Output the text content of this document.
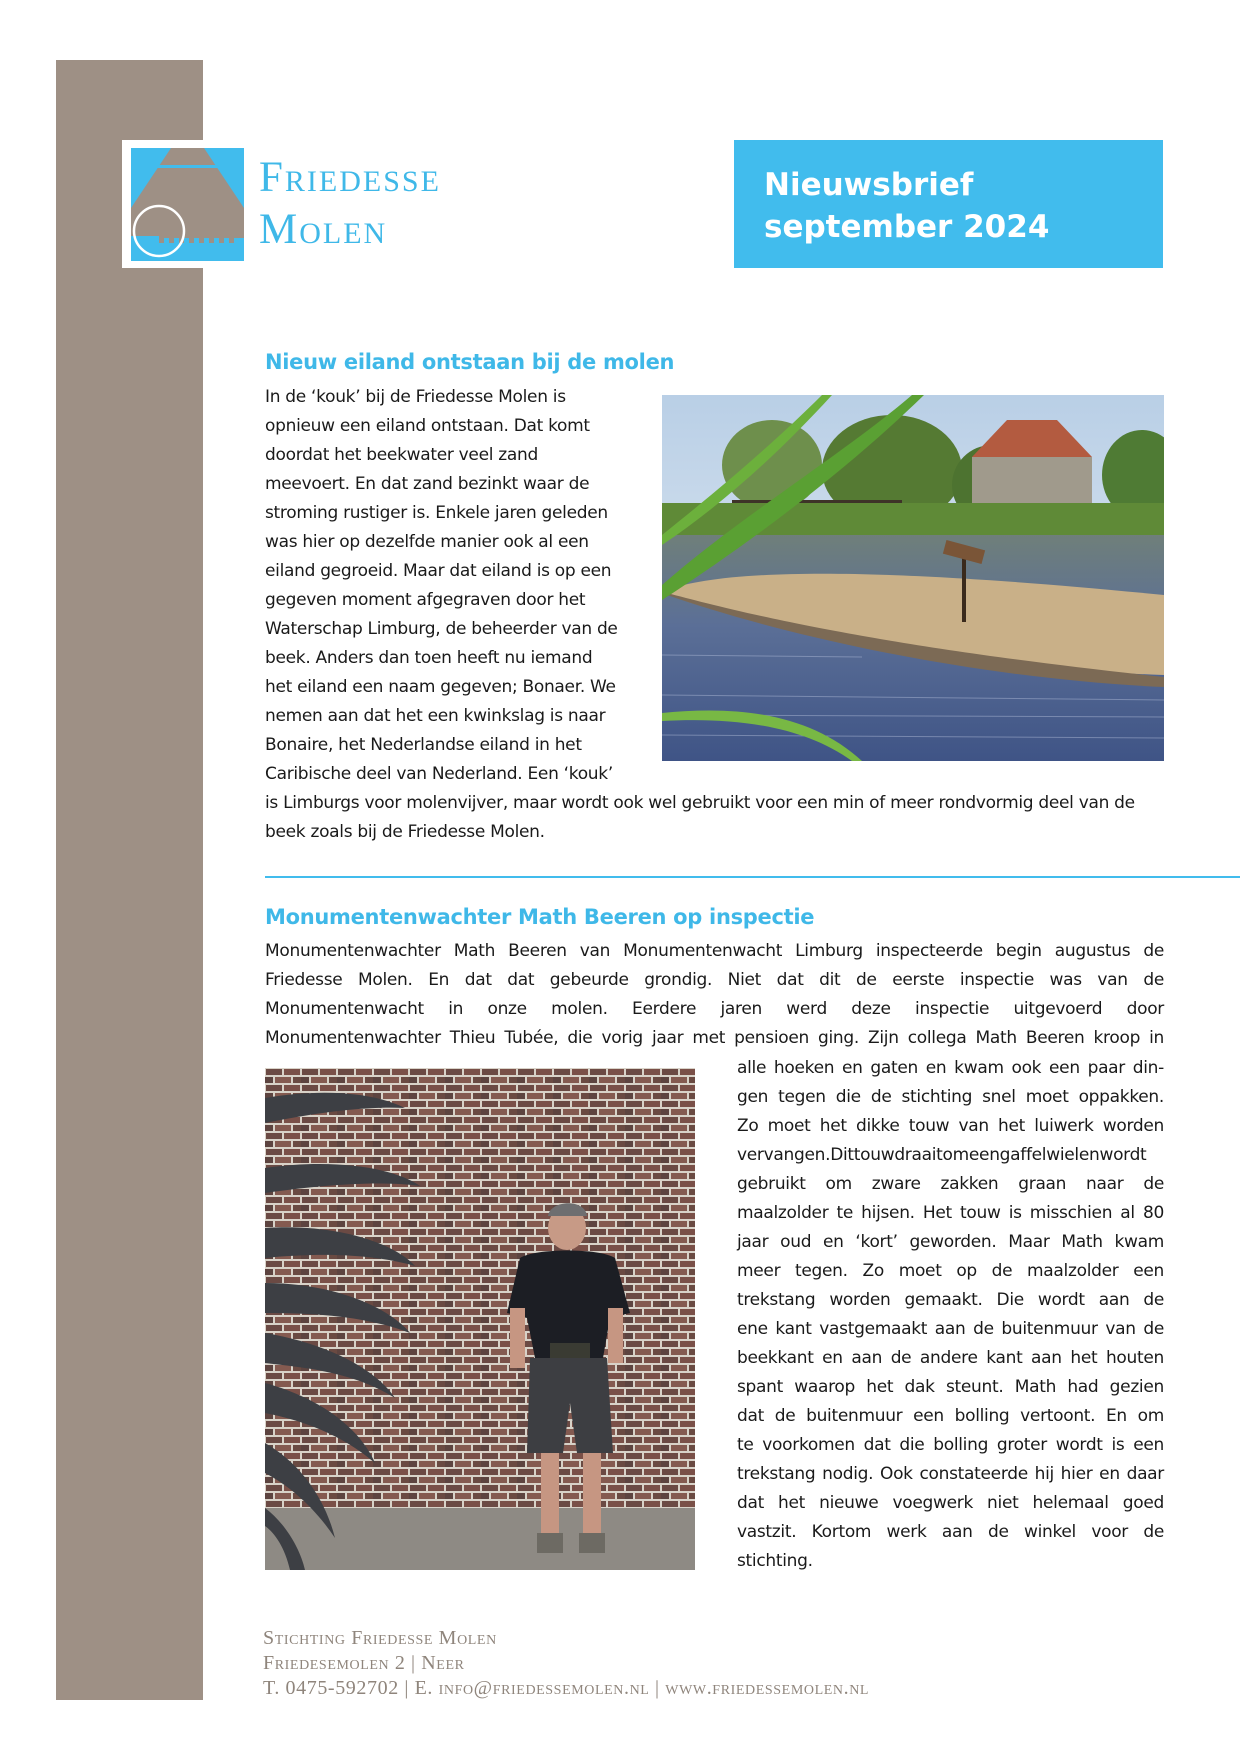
Friedesse
Molen
Nieuwsbrief
september 2024
Nieuw eiland ontstaan bij de molen
In de ‘kouk’ bij de Friedesse Molen is
opnieuw een eiland ontstaan. Dat komt
doordat het beekwater veel zand
meevoert. En dat zand bezinkt waar de
stroming rustiger is. Enkele jaren geleden
was hier op dezelfde manier ook al een
eiland gegroeid. Maar dat eiland is op een
gegeven moment afgegraven door het
Waterschap Limburg, de beheerder van de
beek. Anders dan toen heeft nu iemand
het eiland een naam gegeven; Bonaer. We
nemen aan dat het een kwinkslag is naar
Bonaire, het Nederlandse eiland in het
Caribische deel van Nederland. Een ‘kouk’
is Limburgs voor molenvijver, maar wordt ook wel gebruikt voor een min of meer rondvormig deel van de
beek zoals bij de Friedesse Molen.
Monumentenwachter Math Beeren op inspectie
Monumentenwachter Math Beeren van Monumentenwacht Limburg inspecteerde begin augustus de
Friedesse Molen. En dat dat gebeurde grondig. Niet dat dit de eerste inspectie was van de
Monumentenwacht in onze molen. Eerdere jaren werd deze inspectie uitgevoerd door
Monumentenwachter Thieu Tubée, die vorig jaar met pensioen ging. Zijn collega Math Beeren kroop in
alle hoeken en gaten en kwam ook een paar din-
gen tegen die de stichting snel moet oppakken.
Zo moet het dikke touw van het luiwerk worden
vervangen.Dittouwdraaitomeengaffelwielenwordt
gebruikt om zware zakken graan naar de
maalzolder te hijsen. Het touw is misschien al 80
jaar oud en ‘kort’ geworden. Maar Math kwam
meer tegen. Zo moet op de maalzolder een
trekstang worden gemaakt. Die wordt aan de
ene kant vastgemaakt aan de buitenmuur van de
beekkant en aan de andere kant aan het houten
spant waarop het dak steunt. Math had gezien
dat de buitenmuur een bolling vertoont. En om
te voorkomen dat die bolling groter wordt is een
trekstang nodig. Ook constateerde hij hier en daar
dat het nieuwe voegwerk niet helemaal goed
vastzit. Kortom werk aan de winkel voor de
stichting.
Stichting Friedesse Molen
Friedesemolen 2 | Neer
T. 0475-592702 | E. info@friedessemolen.nl | www.friedessemolen.nl
